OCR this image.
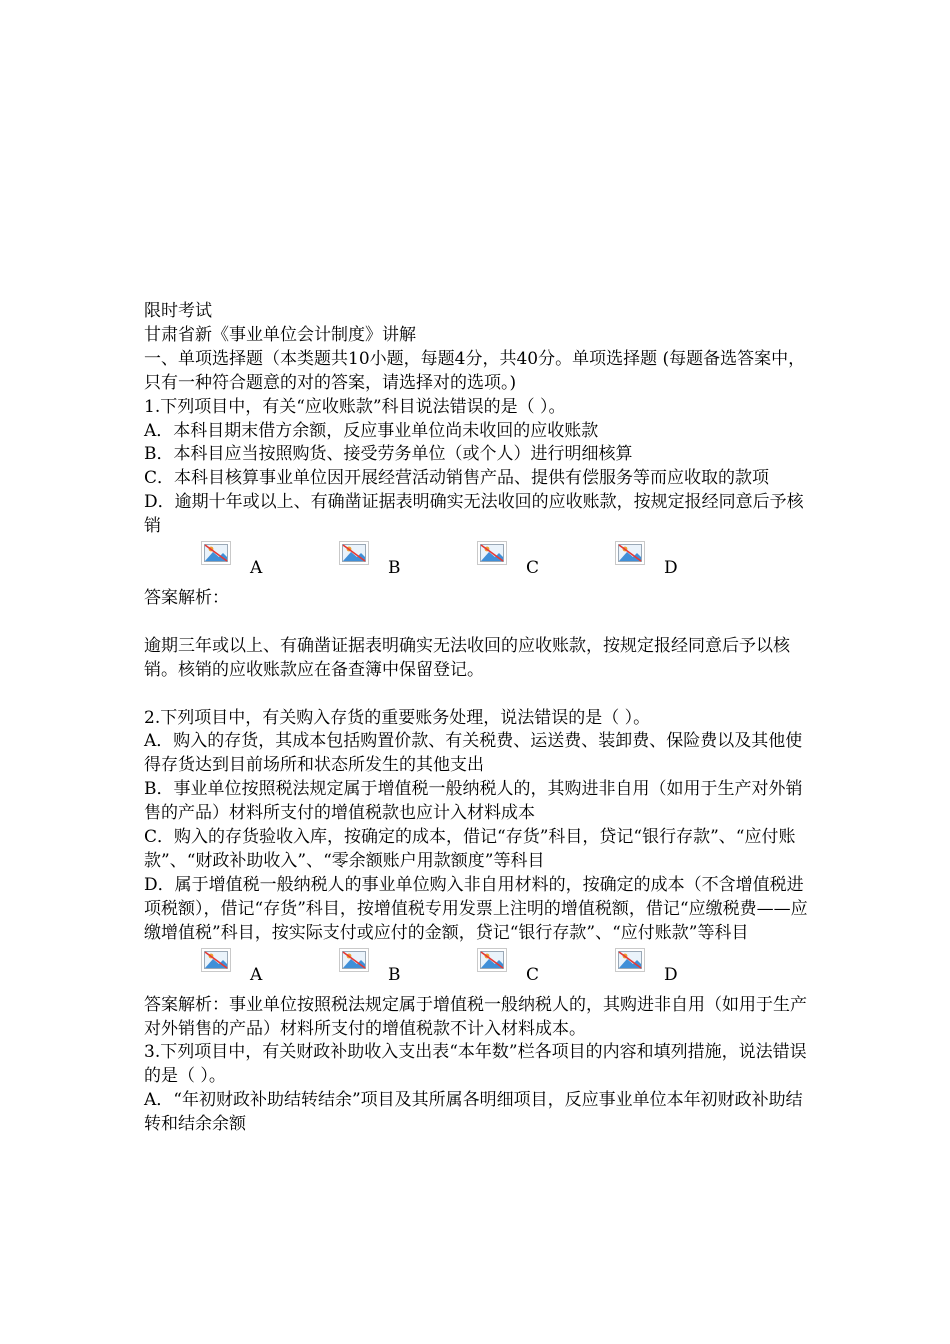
限时考试

甘肃省新《事业单位会计制度》讲解

一、单项选择题（本类题共10小题，每题4分，共40分。单项选择题 (每题备选答案中，只有一种符合题意的对的答案，请选择对的选项。)

1.下列项目中，有关“应收账款”科目说法错误的是（ ）。

A．本科目期末借方余额，反应事业单位尚未收回的应收账款

B．本科目应当按照购货、接受劳务单位（或个人）进行明细核算

C．本科目核算事业单位因开展经营活动销售产品、提供有偿服务等而应收取的款项

D．逾期十年或以上、有确凿证据表明确实无法收回的应收账款，按规定报经同意后予核销

A	B	C	D

答案解析：

逾期三年或以上、有确凿证据表明确实无法收回的应收账款，按规定报经同意后予以核销。核销的应收账款应在备查簿中保留登记。

2.下列项目中，有关购入存货的重要账务处理，说法错误的是（ ）。

A．购入的存货，其成本包括购置价款、有关税费、运送费、装卸费、保险费以及其他使得存货达到目前场所和状态所发生的其他支出

B．事业单位按照税法规定属于增值税一般纳税人的，其购进非自用（如用于生产对外销售的产品）材料所支付的增值税款也应计入材料成本

C．购入的存货验收入库，按确定的成本，借记“存货”科目，贷记“银行存款”、“应付账款”、“财政补助收入”、“零余额账户用款额度”等科目

D．属于增值税一般纳税人的事业单位购入非自用材料的，按确定的成本（不含增值税进项税额），借记“存货”科目，按增值税专用发票上注明的增值税额，借记“应缴税费——应缴增值税”科目，按实际支付或应付的金额，贷记“银行存款”、“应付账款”等科目

A	B	C	D

答案解析：事业单位按照税法规定属于增值税一般纳税人的，其购进非自用（如用于生产对外销售的产品）材料所支付的增值税款不计入材料成本。

3.下列项目中，有关财政补助收入支出表“本年数”栏各项目的内容和填列措施，说法错误的是（ ）。

A．“年初财政补助结转结余”项目及其所属各明细项目，反应事业单位本年初财政补助结转和结余余额
